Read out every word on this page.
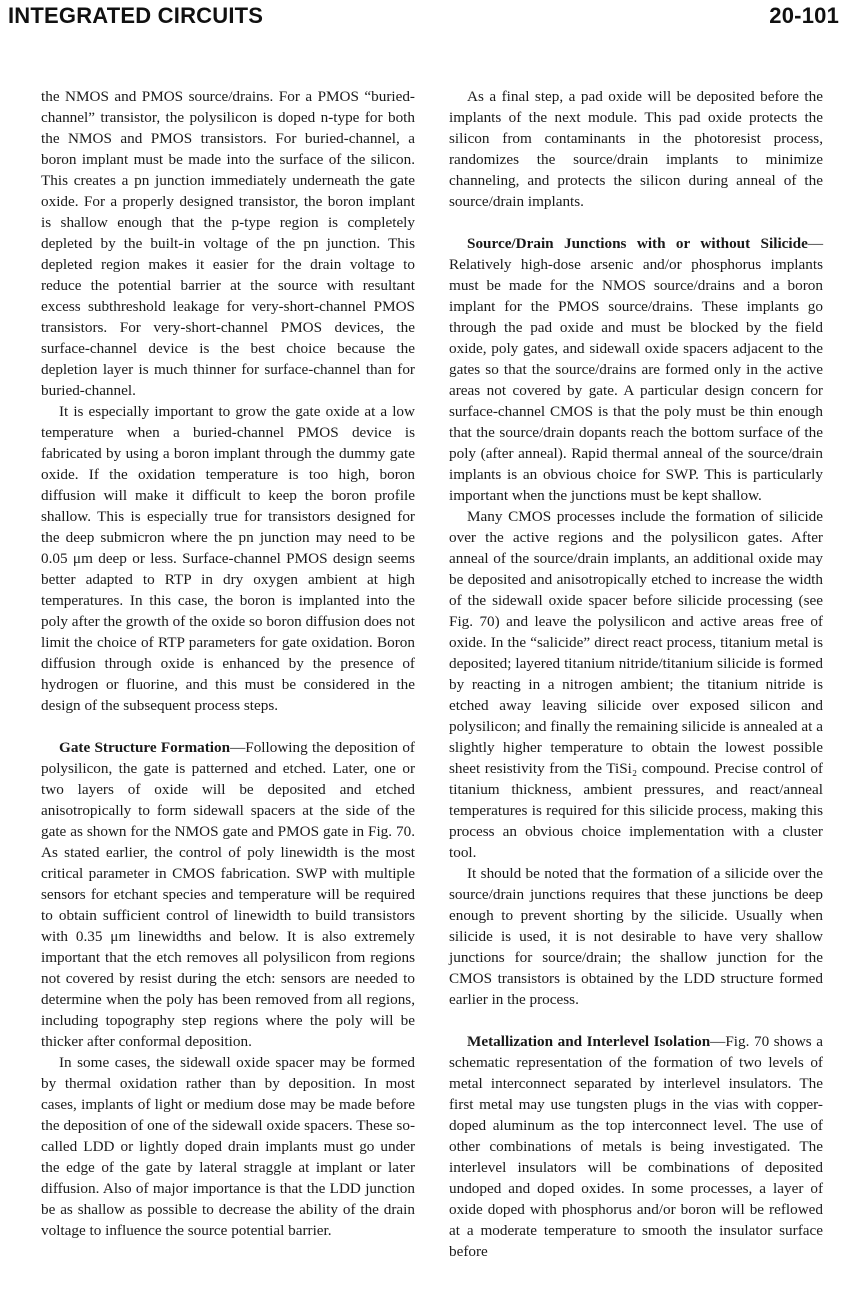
INTEGRATED CIRCUITS	20-101

the NMOS and PMOS source/drains. For a PMOS “buried-channel” transistor, the polysilicon is doped n-type for both the NMOS and PMOS transistors. For buried-channel, a boron implant must be made into the surface of the silicon. This creates a pn junction immediately underneath the gate oxide. For a properly designed transistor, the boron implant is shallow enough that the p-type region is completely depleted by the built-in voltage of the pn junction. This depleted region makes it easier for the drain voltage to reduce the potential barrier at the source with resultant excess subthreshold leakage for very-short-channel PMOS transistors. For very-short-channel PMOS devices, the surface-channel device is the best choice because the depletion layer is much thinner for surface-channel than for buried-channel.

It is especially important to grow the gate oxide at a low temperature when a buried-channel PMOS device is fabricated by using a boron implant through the dummy gate oxide. If the oxidation temperature is too high, boron diffusion will make it difficult to keep the boron profile shallow. This is especially true for transistors designed for the deep submicron where the pn junction may need to be 0.05 μm deep or less. Surface-channel PMOS design seems better adapted to RTP in dry oxygen ambient at high temperatures. In this case, the boron is implanted into the poly after the growth of the oxide so boron diffusion does not limit the choice of RTP parameters for gate oxidation. Boron diffusion through oxide is enhanced by the presence of hydrogen or fluorine, and this must be considered in the design of the subsequent process steps.

Gate Structure Formation—Following the deposition of polysilicon, the gate is patterned and etched. Later, one or two layers of oxide will be deposited and etched anisotropically to form sidewall spacers at the side of the gate as shown for the NMOS gate and PMOS gate in Fig. 70. As stated earlier, the control of poly linewidth is the most critical parameter in CMOS fabrication. SWP with multiple sensors for etchant species and temperature will be required to obtain sufficient control of linewidth to build transistors with 0.35 μm linewidths and below. It is also extremely important that the etch removes all polysilicon from regions not covered by resist during the etch: sensors are needed to determine when the poly has been removed from all regions, including topography step regions where the poly will be thicker after conformal deposition.

In some cases, the sidewall oxide spacer may be formed by thermal oxidation rather than by deposition. In most cases, implants of light or medium dose may be made before the deposition of one of the sidewall oxide spacers. These so-called LDD or lightly doped drain implants must go under the edge of the gate by lateral straggle at implant or later diffusion. Also of major importance is that the LDD junction be as shallow as possible to decrease the ability of the drain voltage to influence the source potential barrier.

As a final step, a pad oxide will be deposited before the implants of the next module. This pad oxide protects the silicon from contaminants in the photoresist process, randomizes the source/drain implants to minimize channeling, and protects the silicon during anneal of the source/drain implants.

Source/Drain Junctions with or without Silicide—Relatively high-dose arsenic and/or phosphorus implants must be made for the NMOS source/drains and a boron implant for the PMOS source/drains. These implants go through the pad oxide and must be blocked by the field oxide, poly gates, and sidewall oxide spacers adjacent to the gates so that the source/drains are formed only in the active areas not covered by gate. A particular design concern for surface-channel CMOS is that the poly must be thin enough that the source/drain dopants reach the bottom surface of the poly (after anneal). Rapid thermal anneal of the source/drain implants is an obvious choice for SWP. This is particularly important when the junctions must be kept shallow.

Many CMOS processes include the formation of silicide over the active regions and the polysilicon gates. After anneal of the source/drain implants, an additional oxide may be deposited and anisotropically etched to increase the width of the sidewall oxide spacer before silicide processing (see Fig. 70) and leave the polysilicon and active areas free of oxide. In the “salicide” direct react process, titanium metal is deposited; layered titanium nitride/titanium silicide is formed by reacting in a nitrogen ambient; the titanium nitride is etched away leaving silicide over exposed silicon and polysilicon; and finally the remaining silicide is annealed at a slightly higher temperature to obtain the lowest possible sheet resistivity from the TiSi₂ compound. Precise control of titanium thickness, ambient pressures, and react/anneal temperatures is required for this silicide process, making this process an obvious choice implementation with a cluster tool.

It should be noted that the formation of a silicide over the source/drain junctions requires that these junctions be deep enough to prevent shorting by the silicide. Usually when silicide is used, it is not desirable to have very shallow junctions for source/drain; the shallow junction for the CMOS transistors is obtained by the LDD structure formed earlier in the process.

Metallization and Interlevel Isolation—Fig. 70 shows a schematic representation of the formation of two levels of metal interconnect separated by interlevel insulators. The first metal may use tungsten plugs in the vias with copper-doped aluminum as the top interconnect level. The use of other combinations of metals is being investigated. The interlevel insulators will be combinations of deposited undoped and doped oxides. In some processes, a layer of oxide doped with phosphorus and/or boron will be reflowed at a moderate temperature to smooth the insulator surface before
